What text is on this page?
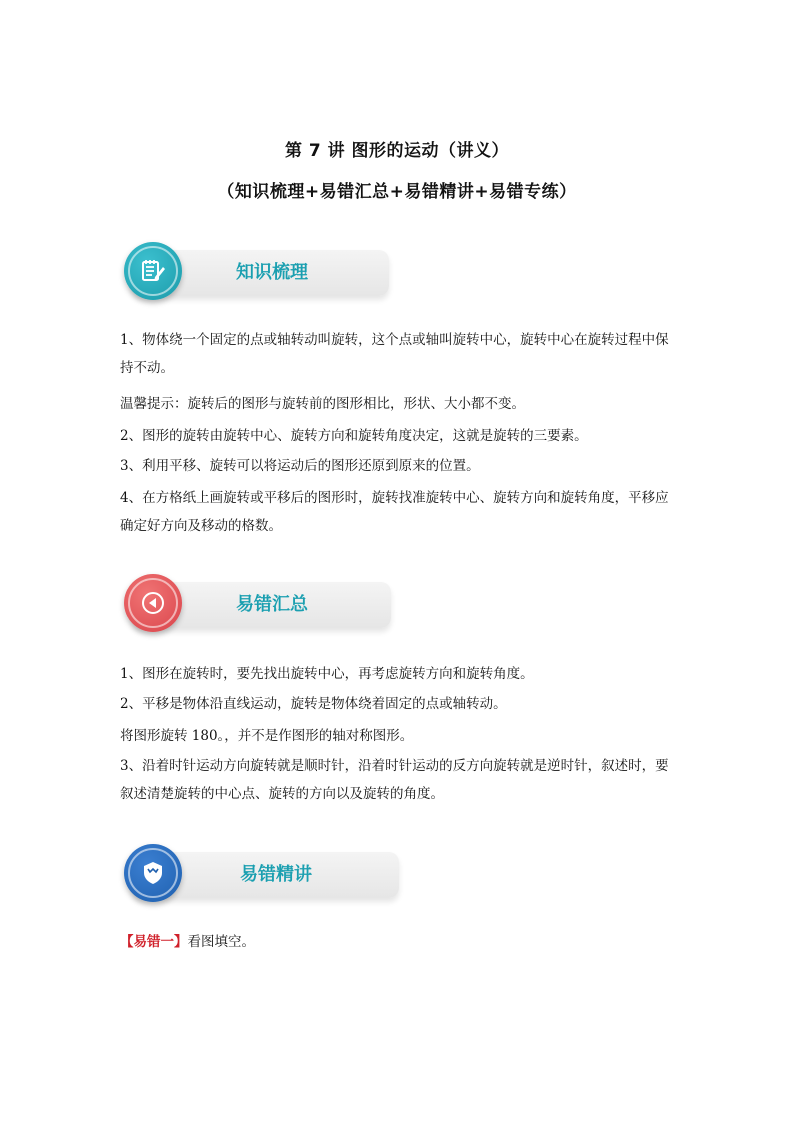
第 7 讲 图形的运动（讲义）
（知识梳理+易错汇总+易错精讲+易错专练）
知识梳理

1、物体绕一个固定的点或轴转动叫旋转，这个点或轴叫旋转中心，旋转中心在旋转过程中保持不动。

温馨提示：旋转后的图形与旋转前的图形相比，形状、大小都不变。

2、图形的旋转由旋转中心、旋转方向和旋转角度决定，这就是旋转的三要素。

3、利用平移、旋转可以将运动后的图形还原到原来的位置。

4、在方格纸上画旋转或平移后的图形时，旋转找准旋转中心、旋转方向和旋转角度，平移应确定好方向及移动的格数。

易错汇总

1、图形在旋转时，要先找出旋转中心，再考虑旋转方向和旋转角度。

2、平移是物体沿直线运动，旋转是物体绕着固定的点或轴转动。

将图形旋转 180。，并不是作图形的轴对称图形。

3、沿着时针运动方向旋转就是顺时针，沿着时针运动的反方向旋转就是逆时针，叙述时，要叙述清楚旋转的中心点、旋转的方向以及旋转的角度。

易错精讲

【易错一】看图填空。
